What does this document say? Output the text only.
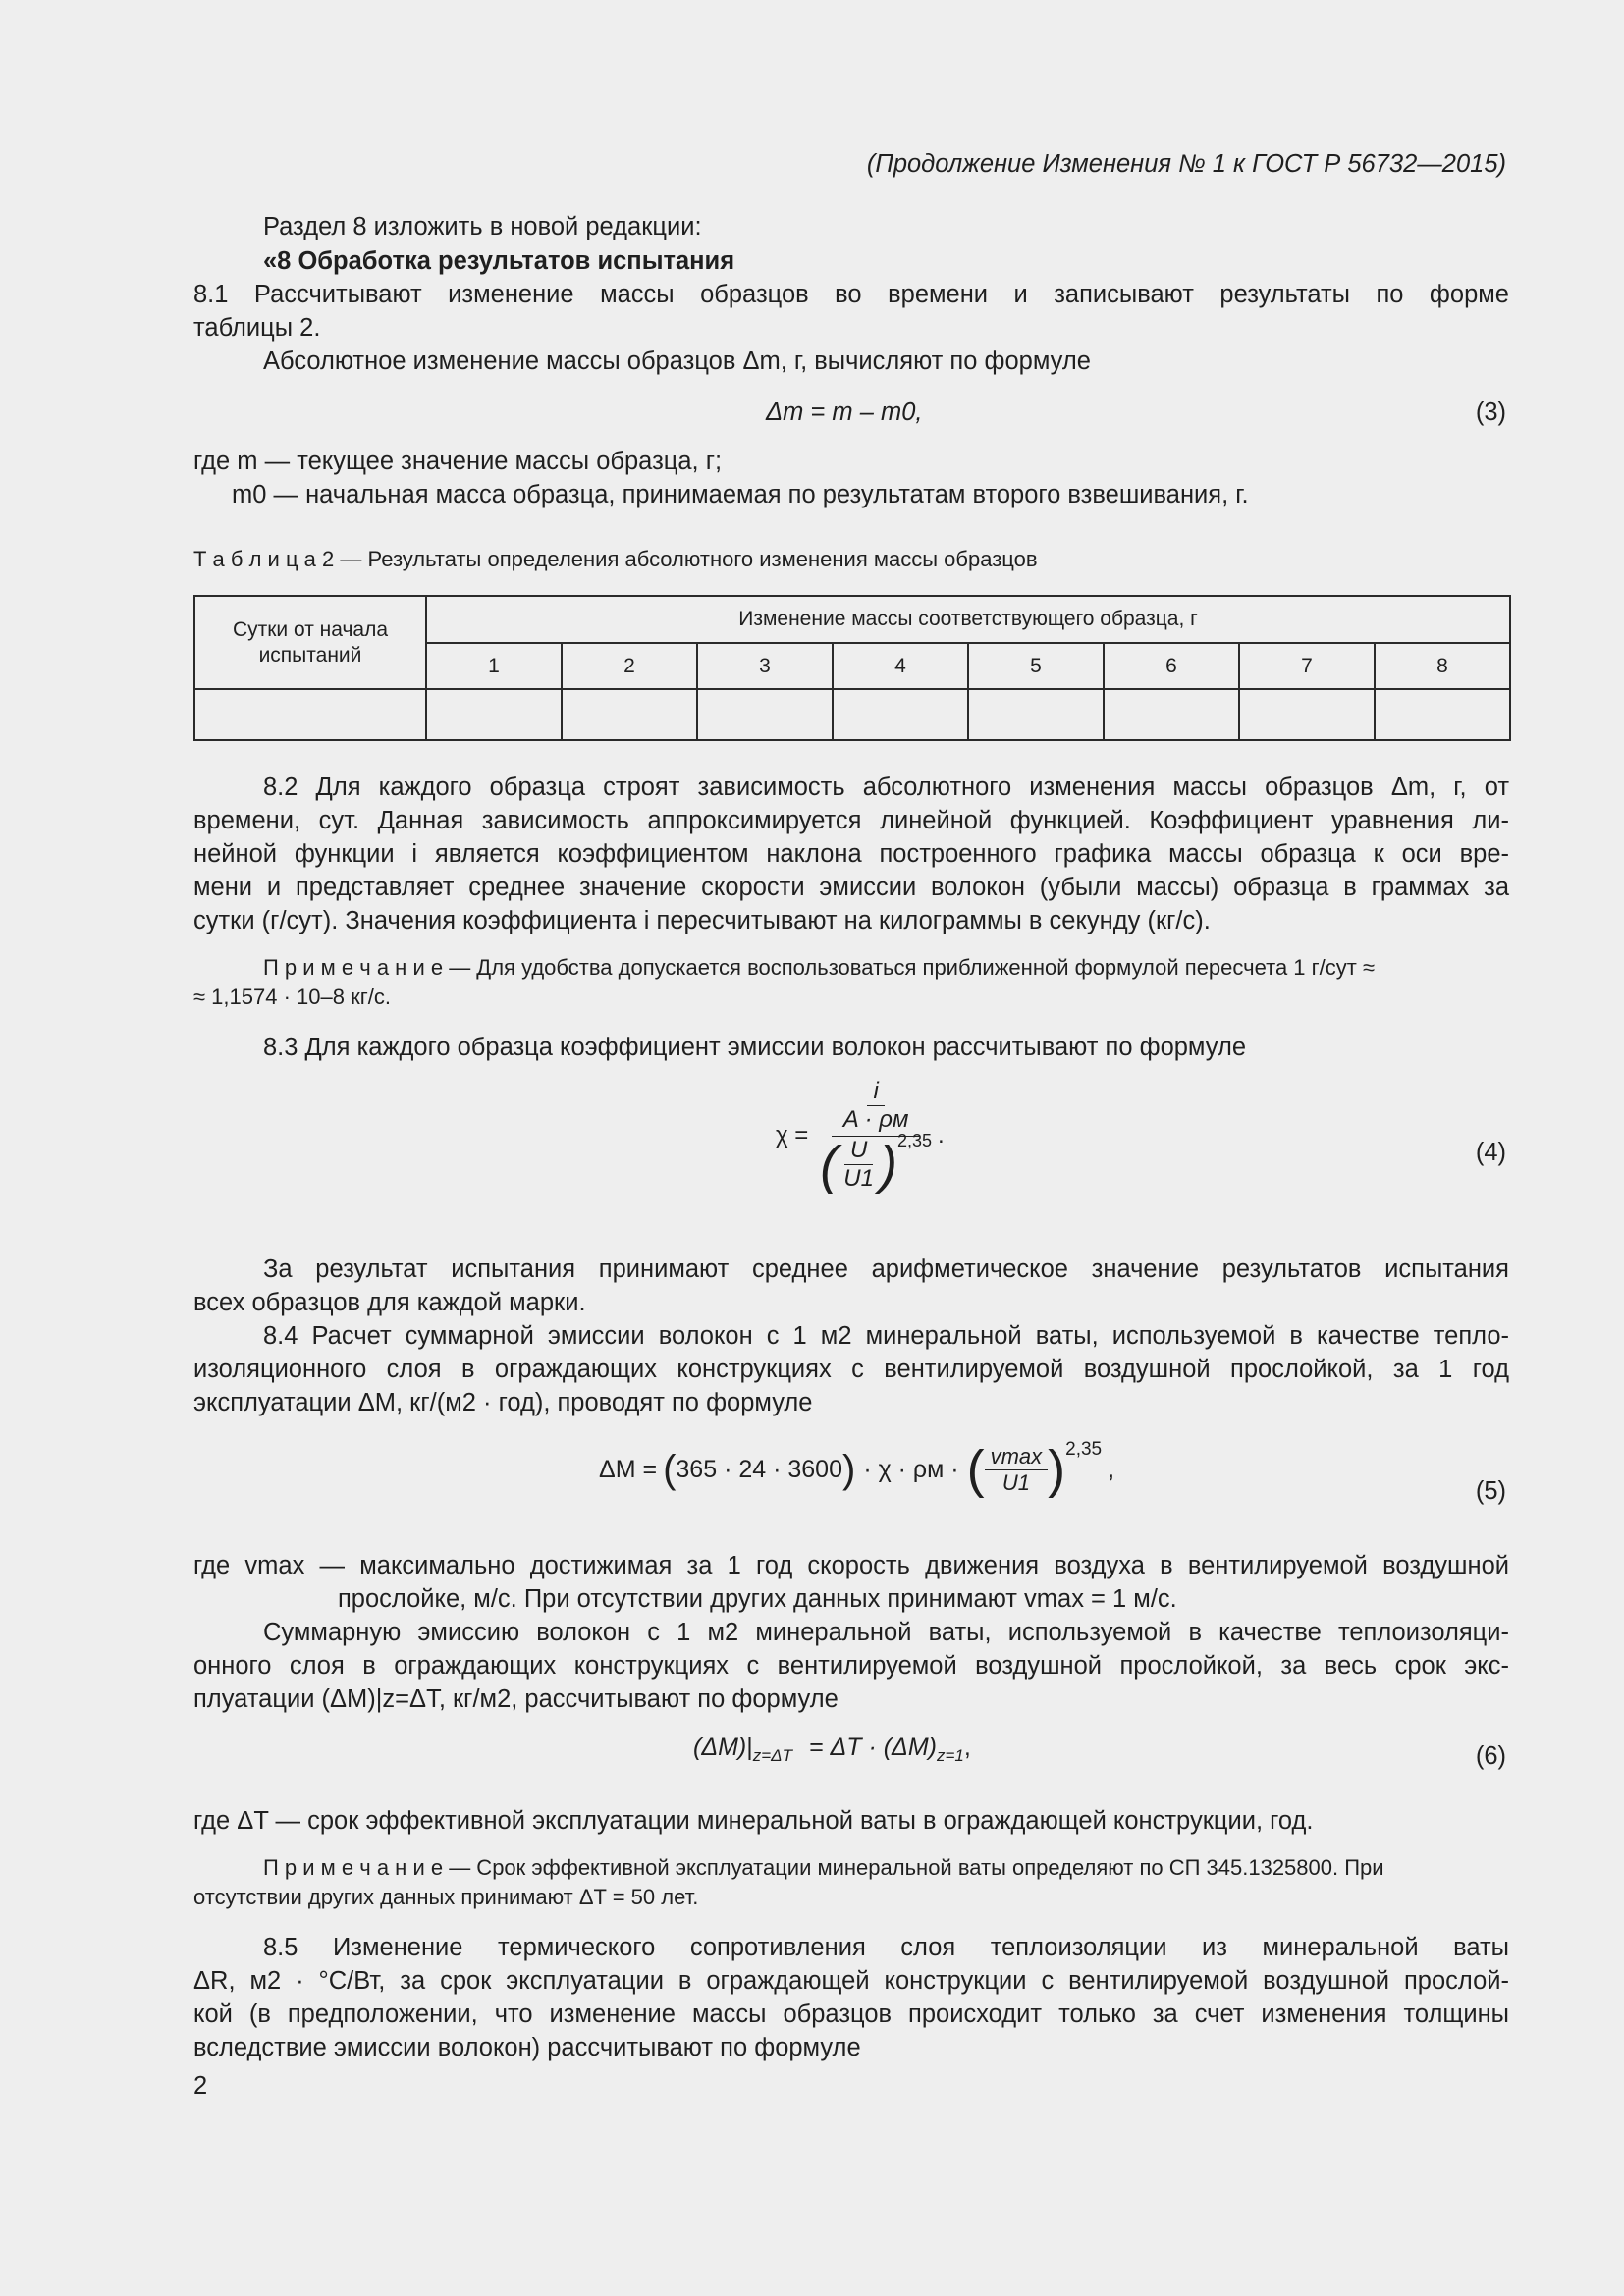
(Продолжение Изменения № 1 к ГОСТ Р 56732—2015)
Раздел 8 изложить в новой редакции:
«8 Обработка результатов испытания
8.1 Рассчитывают изменение массы образцов во времени и записывают результаты по форме
таблицы 2.
Абсолютное изменение массы образцов Δm, г, вычисляют по формуле
Δm = m – m0,	(3)
где m — текущее значение массы образца, г;
m0 — начальная масса образца, принимаемая по результатам второго взвешивания, г.
Т а б л и ц а 2 — Результаты определения абсолютного изменения массы образцов
Сутки от начала испытаний	Изменение массы соответствующего образца, г							
	1	2	3	4	5	6	7	8

8.2 Для каждого образца строят зависимость абсолютного изменения массы образцов Δm, г, от
времени, сут. Данная зависимость аппроксимируется линейной функцией. Коэффициент уравнения ли-
нейной функции i является коэффициентом наклона построенного графика массы образца к оси вре-
мени и представляет среднее значение скорости эмиссии волокон (убыли массы) образца в граммах за
сутки (г/сут). Значения коэффициента i пересчитывают на килограммы в секунду (кг/с).
П р и м е ч а н и е — Для удобства допускается воспользоваться приближенной формулой пересчета 1 г/сут ≈
≈ 1,1574 · 10–8 кг/с.
8.3 Для каждого образца коэффициент эмиссии волокон рассчитывают по формуле
χ =
$\frac{i}{A \cdot \rho м}$
( $\frac{U}{U1}$ ) 2,35 .
(4)
За результат испытания принимают среднее арифметическое значение результатов испытания
всех образцов для каждой марки.
8.4 Расчет суммарной эмиссии волокон с 1 м2 минеральной ваты, используемой в качестве тепло-
изоляционного слоя в ограждающих конструкциях с вентилируемой воздушной прослойкой, за 1 год
эксплуатации ΔM, кг/(м2 · год), проводят по формуле
ΔM = ( 365 · 24 · 3600 ) · χ · ρм · ( $\frac{vmax}{U1}$ ) 2,35
,
(5)
где vmax — максимально достижимая за 1 год скорость движения воздуха в вентилируемой воздушной
прослойке, м/с. При отсутствии других данных принимают vmax = 1 м/с.
Суммарную эмиссию волокон с 1 м2 минеральной ваты, используемой в качестве теплоизоляци-
онного слоя в ограждающих конструкциях с вентилируемой воздушной прослойкой, за весь срок экс-
плуатации (ΔM)|z=ΔT, кг/м2, рассчитывают по формуле
$(\Delta M)|_{z=\Delta T} = \Delta T \cdot (\Delta M)_{z=1}$,	(6)
где ΔT — срок эффективной эксплуатации минеральной ваты в ограждающей конструкции, год.
П р и м е ч а н и е — Срок эффективной эксплуатации минеральной ваты определяют по СП 345.1325800. При
отсутствии других данных принимают ΔT = 50 лет.
8.5 Изменение термического сопротивления слоя теплоизоляции из минеральной ваты
ΔR, м2 · °С/Вт, за срок эксплуатации в ограждающей конструкции с вентилируемой воздушной прослой-
кой (в предположении, что изменение массы образцов происходит только за счет изменения толщины
вследствие эмиссии волокон) рассчитывают по формуле
2
